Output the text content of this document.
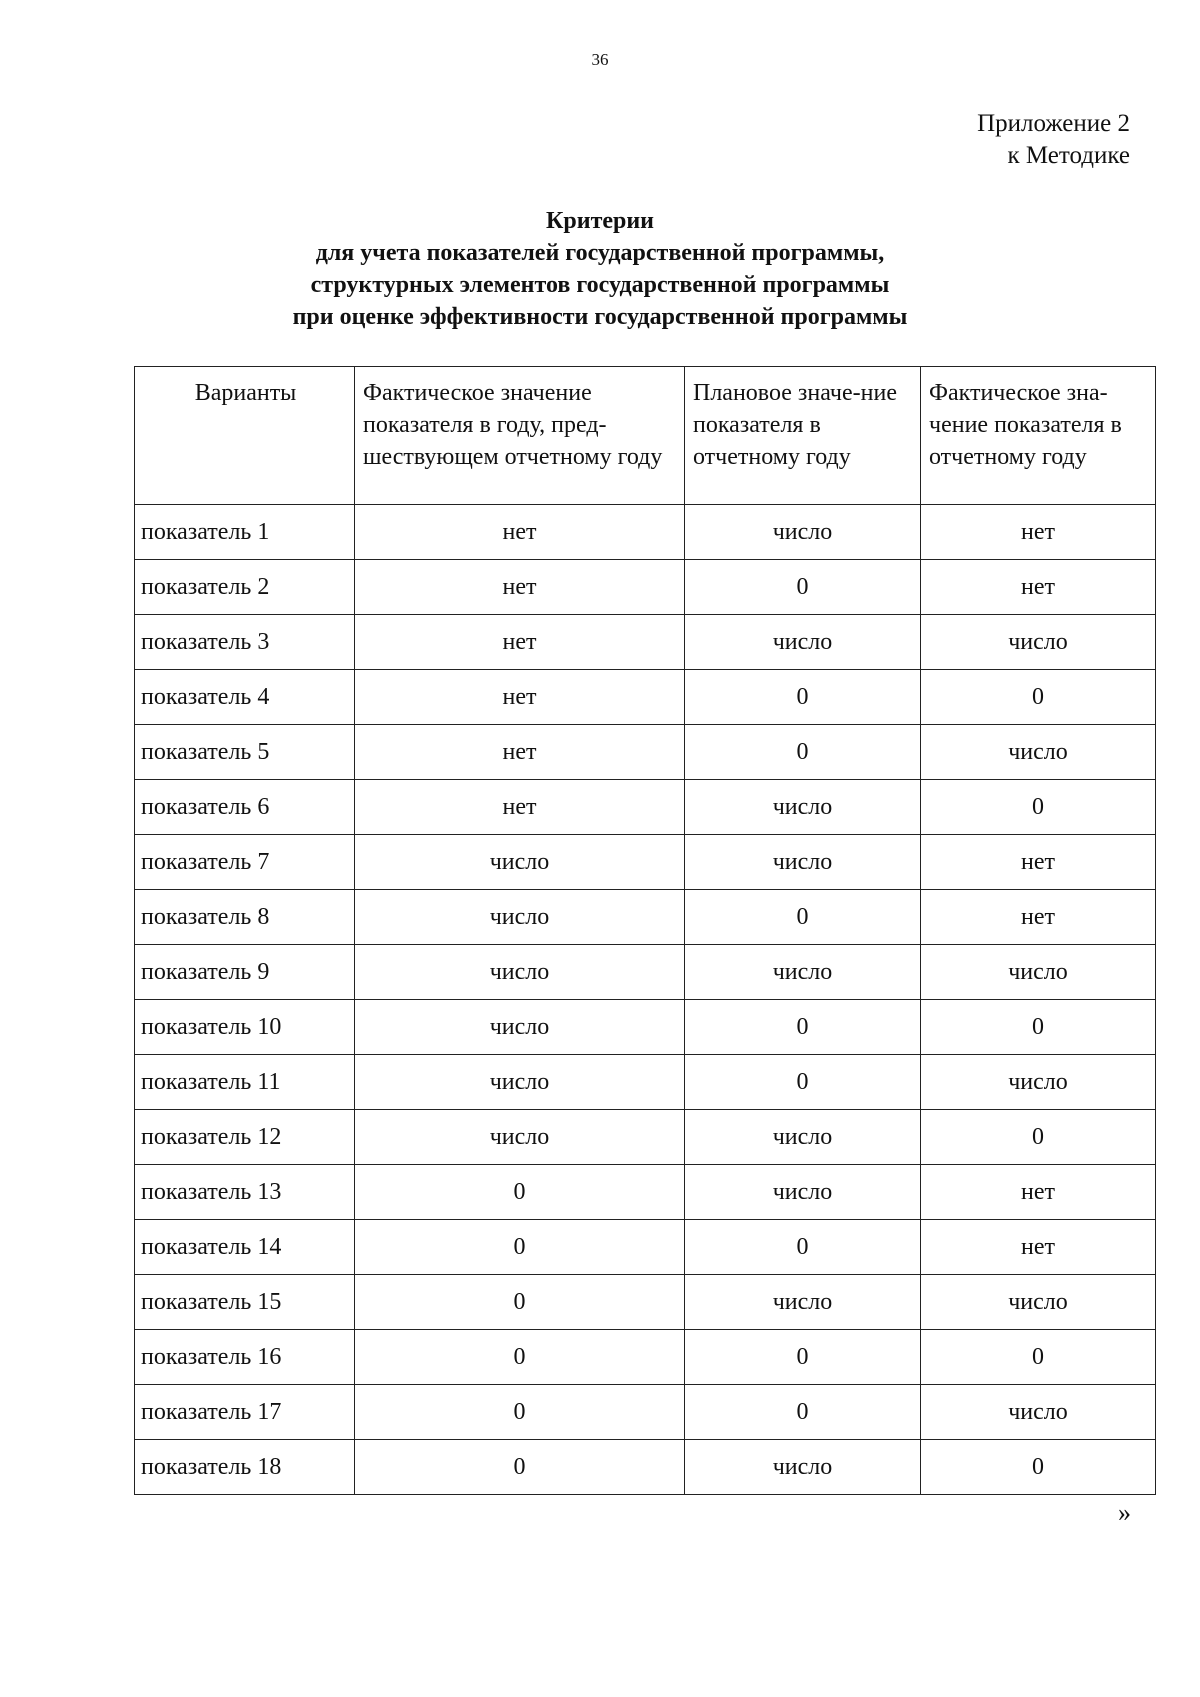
36
Приложение 2
к Методике
Критерии
для учета показателей государственной программы,
структурных элементов государственной программы
при оценке эффективности государственной программы
Варианты	Фактическое значение показателя в году, пред-шествующем отчетному году	Плановое значе-ние показателя в отчетному году	Фактическое зна-чение показателя в отчетному году
показатель 1	нет	число	нет
показатель 2	нет	0	нет
показатель 3	нет	число	число
показатель 4	нет	0	0
показатель 5	нет	0	число
показатель 6	нет	число	0
показатель 7	число	число	нет
показатель 8	число	0	нет
показатель 9	число	число	число
показатель 10	число	0	0
показатель 11	число	0	число
показатель 12	число	число	0
показатель 13	0	число	нет
показатель 14	0	0	нет
показатель 15	0	число	число
показатель 16	0	0	0
показатель 17	0	0	число
показатель 18	0	число	0
»
